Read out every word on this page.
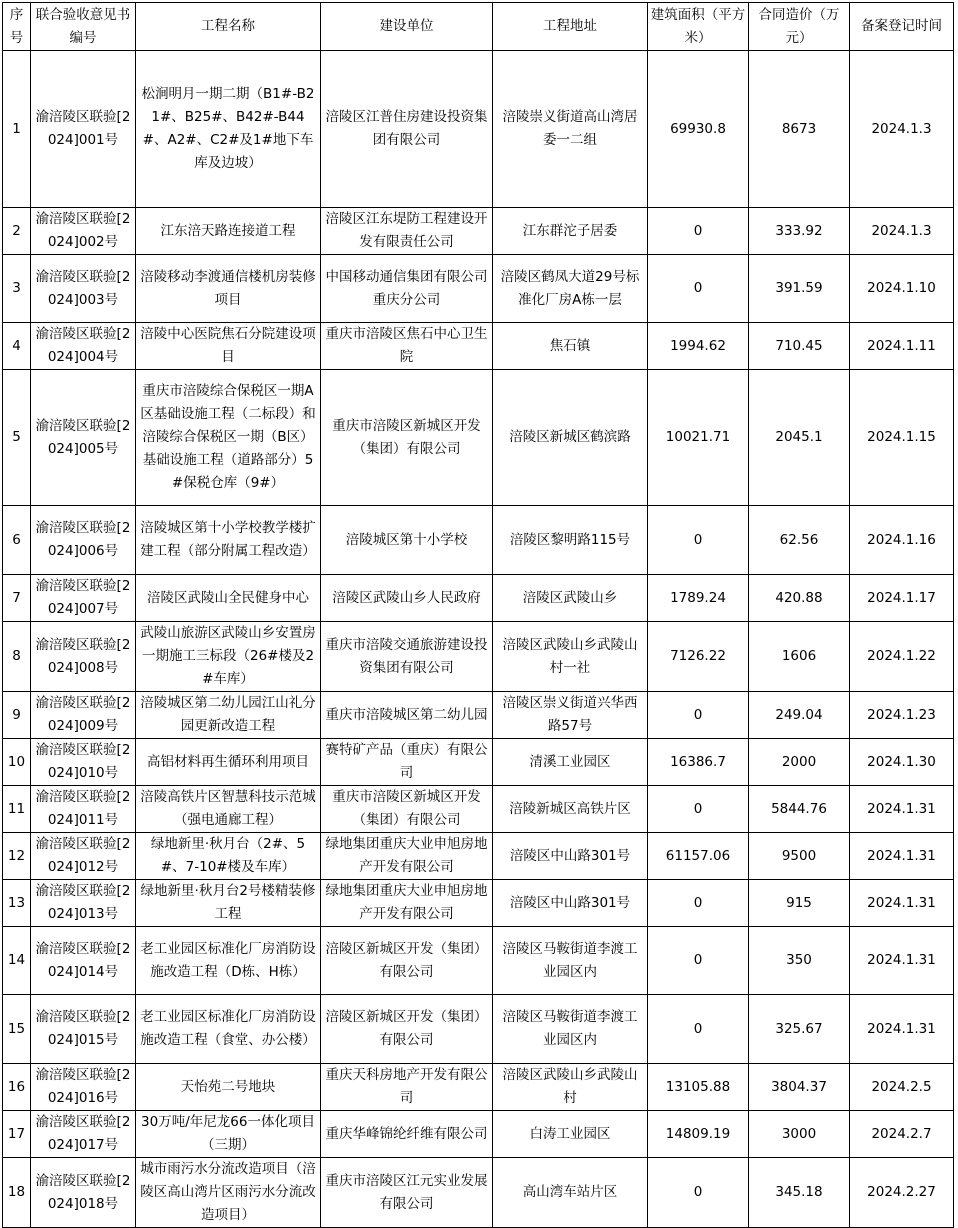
序号	联合验收意见书编号	工程名称	建设单位	工程地址	建筑面积（平方米）	合同造价（万元）	备案登记时间
1	渝涪陵区联验[2024]001号	松涧明月一期二期（B1#-B21#、B25#、B42#-B44#、A2#、C2#及1#地下车库及边坡）	涪陵区江普住房建设投资集团有限公司	涪陵崇义街道高山湾居委一二组	69930.8	8673	2024.1.3
2	渝涪陵区联验[2024]002号	江东涪天路连接道工程	涪陵区江东堤防工程建设开发有限责任公司	江东群沱子居委	0	333.92	2024.1.3
3	渝涪陵区联验[2024]003号	涪陵移动李渡通信楼机房装修项目	中国移动通信集团有限公司重庆分公司	涪陵区鹤凤大道29号标准化厂房A栋一层	0	391.59	2024.1.10
4	渝涪陵区联验[2024]004号	涪陵中心医院焦石分院建设项目	重庆市涪陵区焦石中心卫生院	焦石镇	1994.62	710.45	2024.1.11
5	渝涪陵区联验[2024]005号	重庆市涪陵综合保税区一期A区基础设施工程（二标段）和涪陵综合保税区一期（B区）基础设施工程（道路部分）5#保税仓库（9#）	重庆市涪陵区新城区开发（集团）有限公司	涪陵区新城区鹤滨路	10021.71	2045.1	2024.1.15
6	渝涪陵区联验[2024]006号	涪陵城区第十小学校教学楼扩建工程（部分附属工程改造）	涪陵城区第十小学校	涪陵区黎明路115号	0	62.56	2024.1.16
7	渝涪陵区联验[2024]007号	涪陵区武陵山全民健身中心	涪陵区武陵山乡人民政府	涪陵区武陵山乡	1789.24	420.88	2024.1.17
8	渝涪陵区联验[2024]008号	武陵山旅游区武陵山乡安置房一期施工三标段（26#楼及2#车库）	重庆市涪陵交通旅游建设投资集团有限公司	涪陵区武陵山乡武陵山村一社	7126.22	1606	2024.1.22
9	渝涪陵区联验[2024]009号	涪陵城区第二幼儿园江山礼分园更新改造工程	重庆市涪陵城区第二幼儿园	涪陵区崇义街道兴华西路57号	0	249.04	2024.1.23
10	渝涪陵区联验[2024]010号	高铝材料再生循环利用项目	赛特矿产品（重庆）有限公司	清溪工业园区	16386.7	2000	2024.1.30
11	渝涪陵区联验[2024]011号	涪陵高铁片区智慧科技示范城（强电通廊工程）	重庆市涪陵区新城区开发（集团）有限公司	涪陵新城区高铁片区	0	5844.76	2024.1.31
12	渝涪陵区联验[2024]012号	绿地新里·秋月台（2#、5#、7-10#楼及车库）	绿地集团重庆大业申旭房地产开发有限公司	涪陵区中山路301号	61157.06	9500	2024.1.31
13	渝涪陵区联验[2024]013号	绿地新里·秋月台2号楼精装修工程	绿地集团重庆大业申旭房地产开发有限公司	涪陵区中山路301号	0	915	2024.1.31
14	渝涪陵区联验[2024]014号	老工业园区标准化厂房消防设施改造工程（D栋、H栋）	涪陵区新城区开发（集团）有限公司	涪陵区马鞍街道李渡工业园区内	0	350	2024.1.31
15	渝涪陵区联验[2024]015号	老工业园区标准化厂房消防设施改造工程（食堂、办公楼）	涪陵区新城区开发（集团）有限公司	涪陵区马鞍街道李渡工业园区内	0	325.67	2024.1.31
16	渝涪陵区联验[2024]016号	天怡苑二号地块	重庆天科房地产开发有限公司	涪陵区武陵山乡武陵山村	13105.88	3804.37	2024.2.5
17	渝涪陵区联验[2024]017号	30万吨/年尼龙66一体化项目（三期）	重庆华峰锦纶纤维有限公司	白涛工业园区	14809.19	3000	2024.2.7
18	渝涪陵区联验[2024]018号	城市雨污水分流改造项目（涪陵区高山湾片区雨污水分流改造项目）	重庆市涪陵区江元实业发展有限公司	高山湾车站片区	0	345.18	2024.2.27
